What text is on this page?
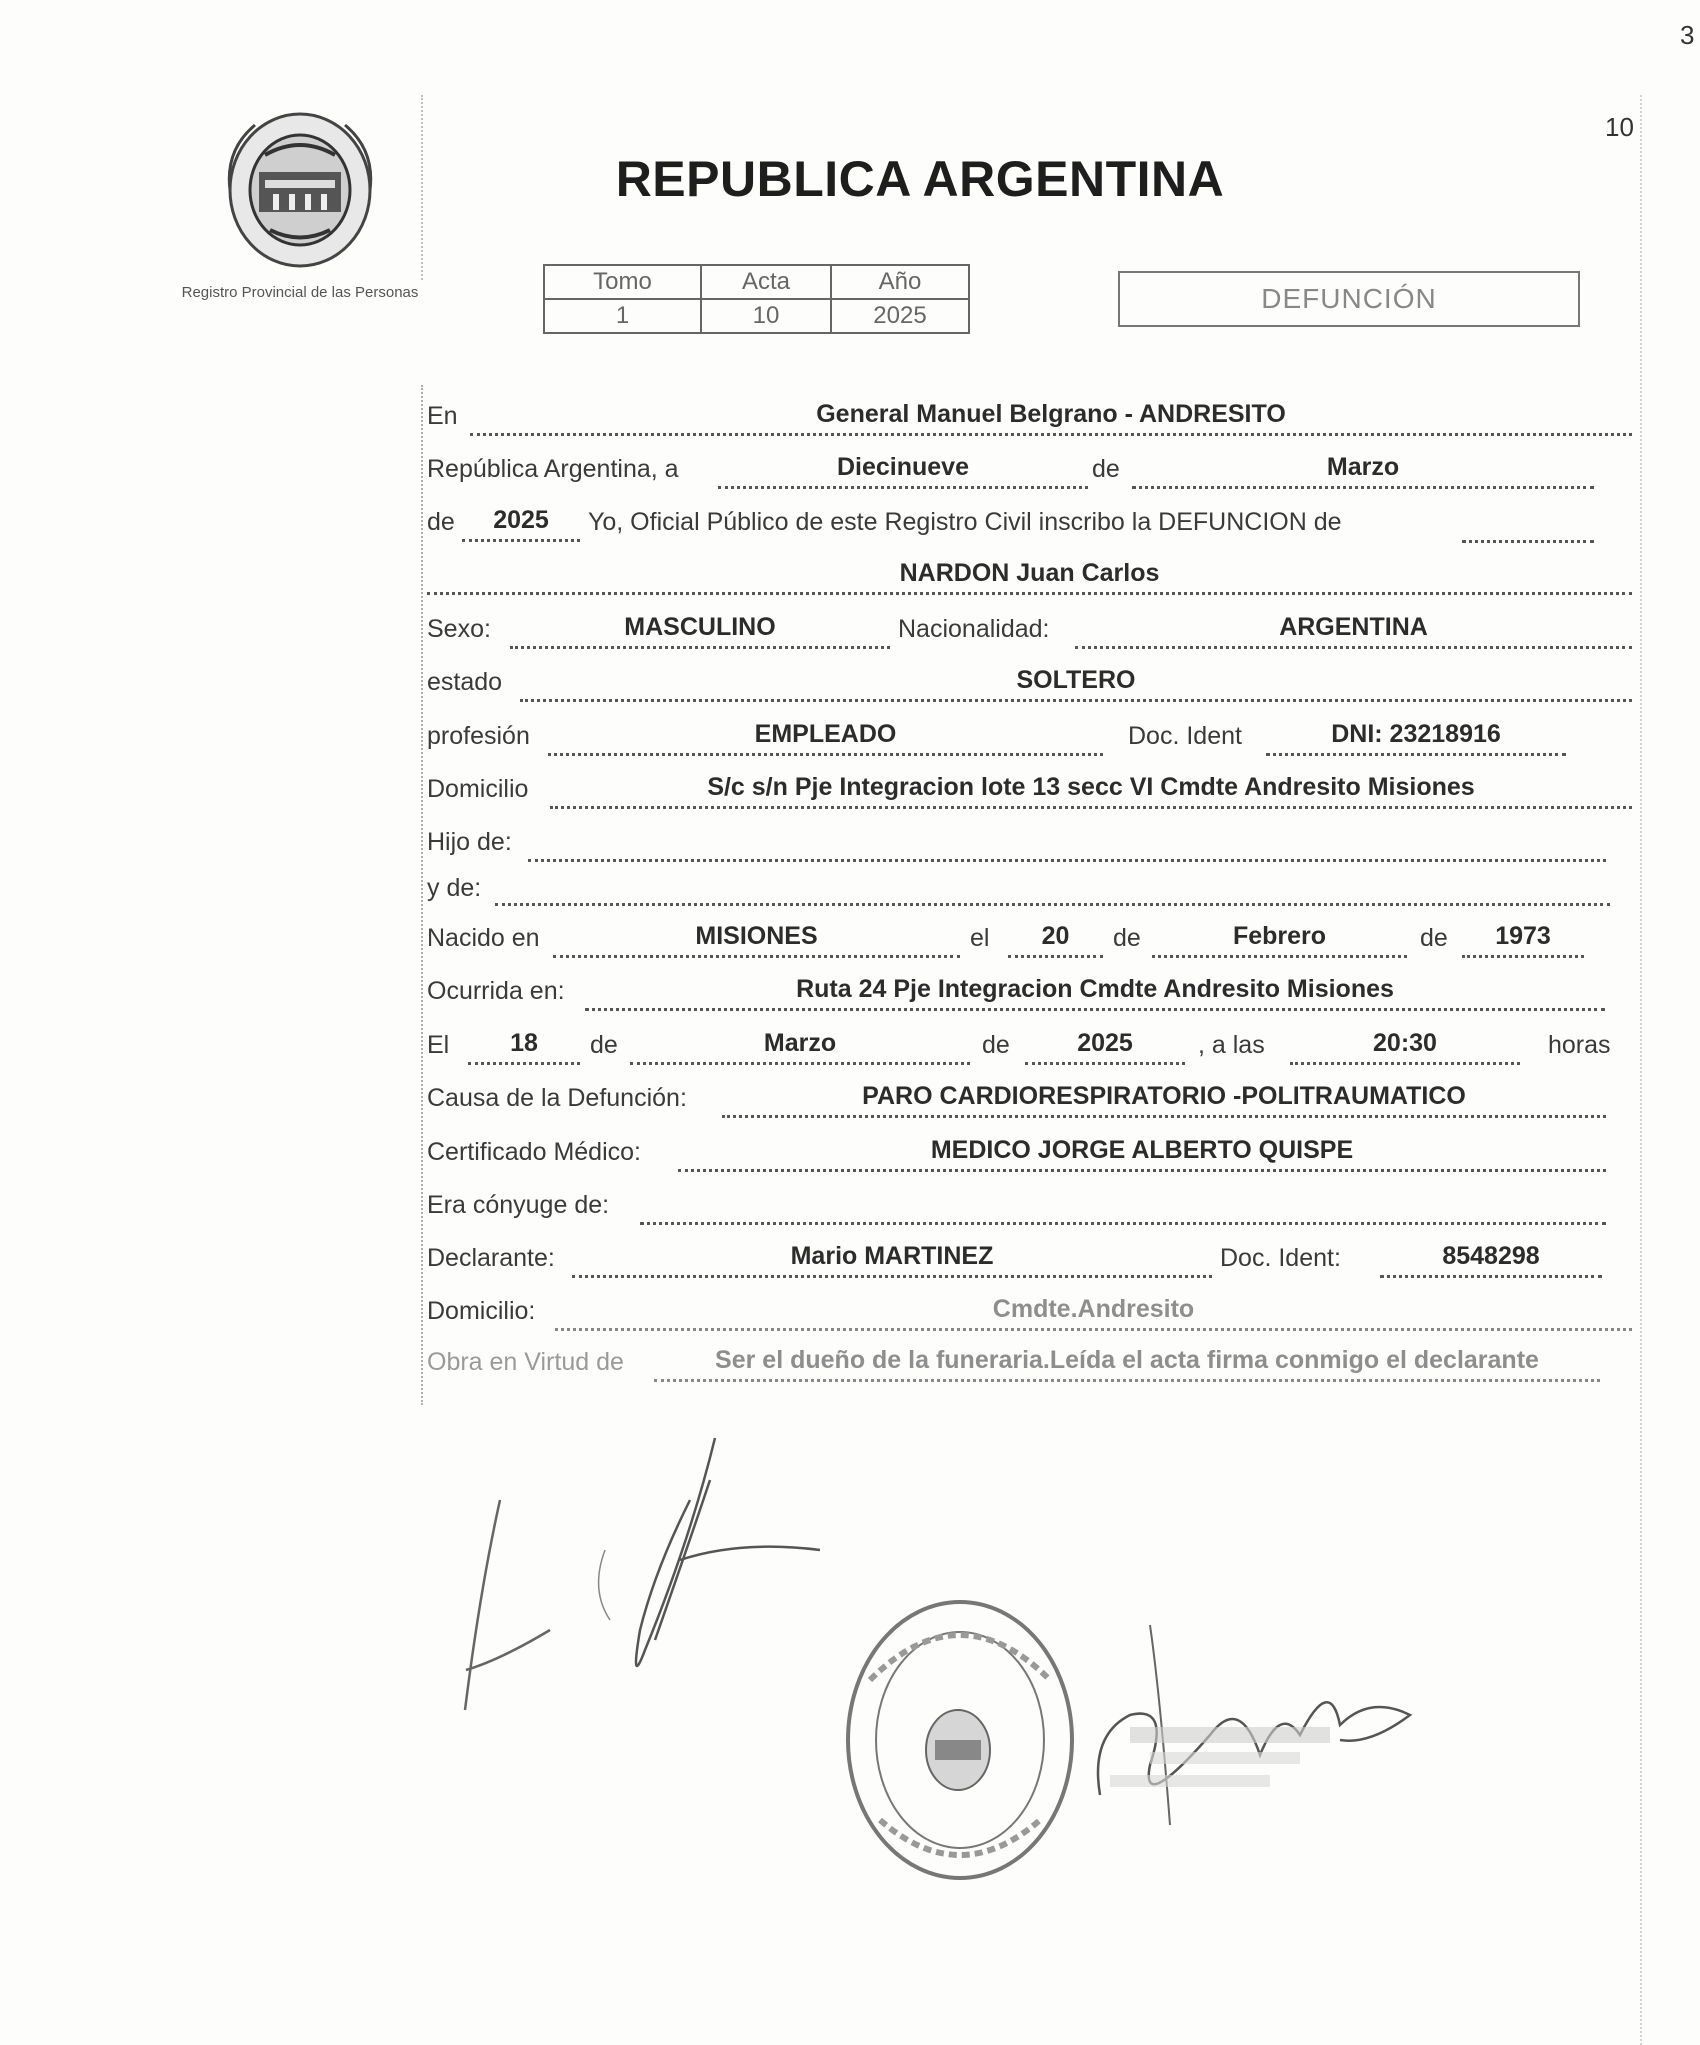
3
10
Registro Provincial de las Personas
REPUBLICA ARGENTINA
Tomo	Acta	Año
1	10	2025
DEFUNCIÓN
En	General Manuel Belgrano - ANDRESITO
República Argentina, a	Diecinueve	de	Marzo
de	2025	Yo, Oficial Público de este Registro Civil inscribo la DEFUNCION de
NARDON Juan Carlos
Sexo:	MASCULINO	Nacionalidad:	ARGENTINA
estado	SOLTERO
profesión	EMPLEADO	Doc. Ident	DNI: 23218916
Domicilio	S/c s/n Pje Integracion lote 13 secc VI Cmdte Andresito Misiones
Hijo de:
y de:
Nacido en	MISIONES	el	20	de	Febrero	de	1973
Ocurrida en:	Ruta 24 Pje Integracion Cmdte Andresito Misiones
El	18	de	Marzo	de	2025	, a las	20:30	horas
Causa de la Defunción:	PARO CARDIORESPIRATORIO -POLITRAUMATICO
Certificado Médico:	MEDICO JORGE ALBERTO QUISPE
Era cónyuge de:
Declarante:	Mario MARTINEZ	Doc. Ident:	8548298
Domicilio:	Cmdte.Andresito
Obra en Virtud de	Ser el dueño de la funeraria.Leída el acta firma conmigo el declarante
